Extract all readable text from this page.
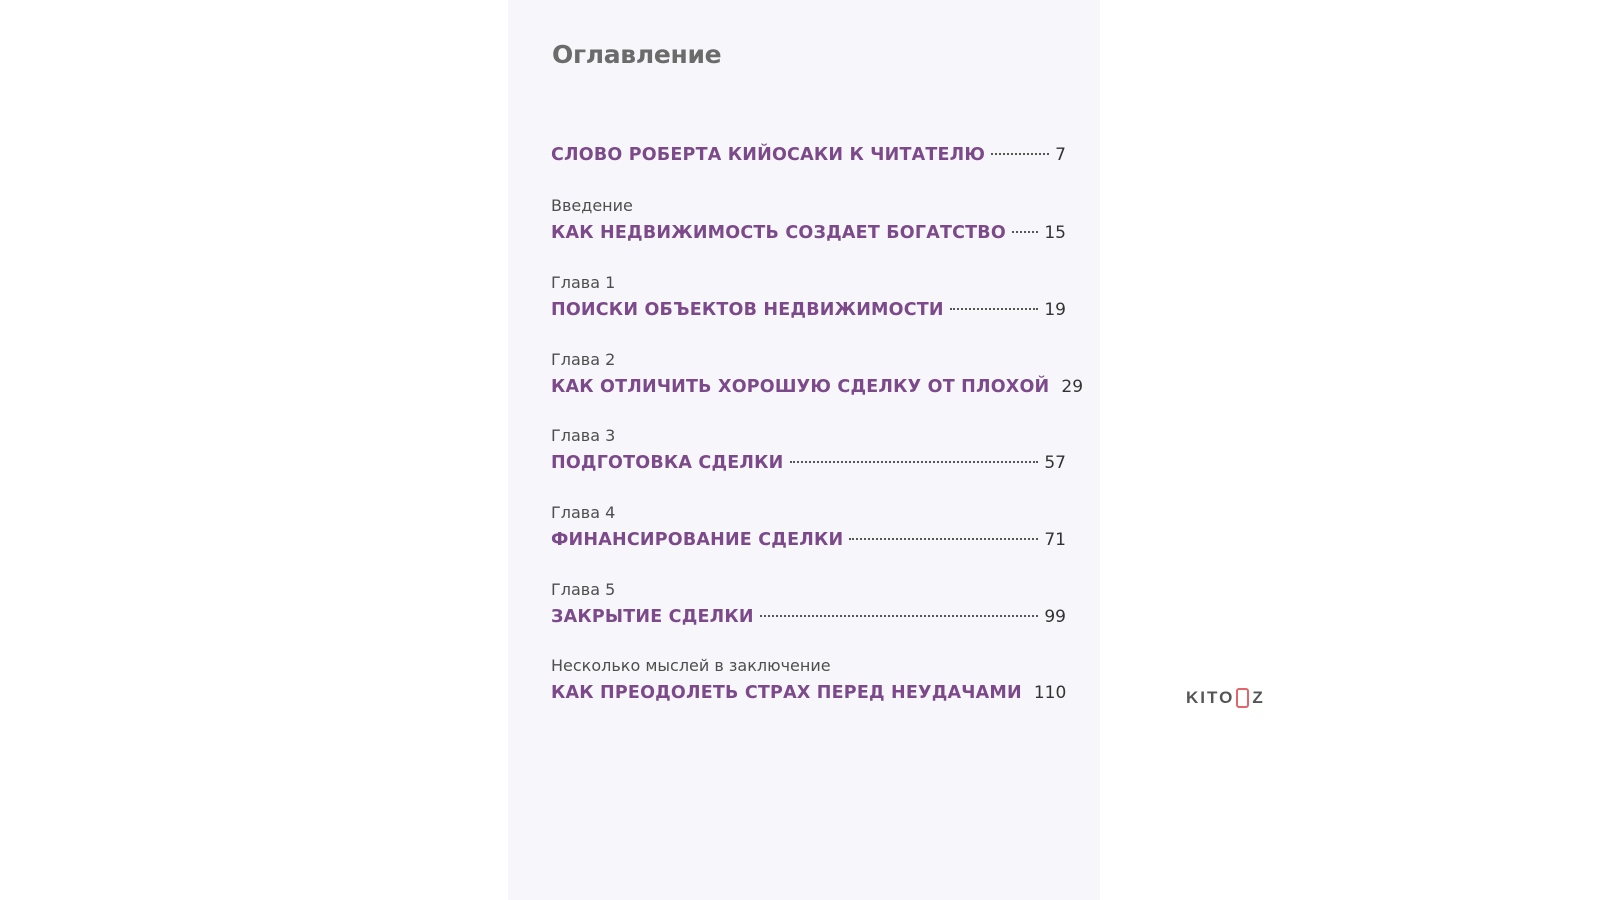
Оглавление
СЛОВО РОБЕРТА КИЙОСАКИ К ЧИТАТЕЛЮ	7
Введение
КАК НЕДВИЖИМОСТЬ СОЗДАЕТ БОГАТСТВО 15
Глава 1
ПОИСКИ ОБЪЕКТОВ НЕДВИЖИМОСТИ	19
Глава 2
КАК ОТЛИЧИТЬ ХОРОШУЮ СДЕЛКУ ОТ ПЛОХОЙ 29
Глава 3
ПОДГОТОВКА СДЕЛКИ	57
Глава 4
ФИНАНСИРОВАНИЕ СДЕЛКИ	71
Глава 5
ЗАКРЫТИЕ СДЕЛКИ	99
Несколько мыслей в заключение
КАК ПРЕОДОЛЕТЬ СТРАХ ПЕРЕД НЕУДАЧАМИ 110	KITO Z
